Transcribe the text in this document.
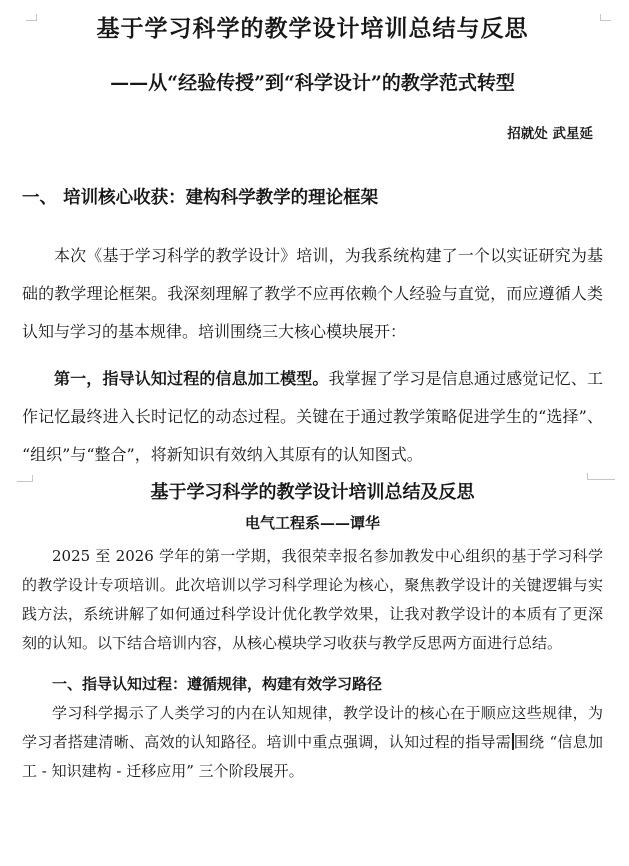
基于学习科学的教学设计培训总结与反思
——从“经验传授”到“科学设计”的教学范式转型
招就处 武星延
一、 培训核心收获：建构科学教学的理论框架

本次《基于学习科学的教学设计》培训，为我系统构建了一个以实证研究为基础的教学理论框架。我深刻理解了教学不应再依赖个人经验与直觉，而应遵循人类认知与学习的基本规律。培训围绕三大核心模块展开：

第一，指导认知过程的信息加工模型。我掌握了学习是信息通过感觉记忆、工作记忆最终进入长时记忆的动态过程。关键在于通过教学策略促进学生的“选择”、“组织”与“整合”，将新知识有效纳入其原有的认知图式。

基于学习科学的教学设计培训总结及反思
电气工程系——谭华

2025 至 2026 学年的第一学期，我很荣幸报名参加教发中心组织的基于学习科学的教学设计专项培训。此次培训以学习科学理论为核心，聚焦教学设计的关键逻辑与实践方法，系统讲解了如何通过科学设计优化教学效果，让我对教学设计的本质有了更深刻的认知。以下结合培训内容，从核心模块学习收获与教学反思两方面进行总结。

一、指导认知过程：遵循规律，构建有效学习路径

学习科学揭示了人类学习的内在认知规律，教学设计的核心在于顺应这些规律，为学习者搭建清晰、高效的认知路径。培训中重点强调，认知过程的指导需 围绕 “信息加工 - 知识建构 - 迁移应用” 三个阶段展开。
